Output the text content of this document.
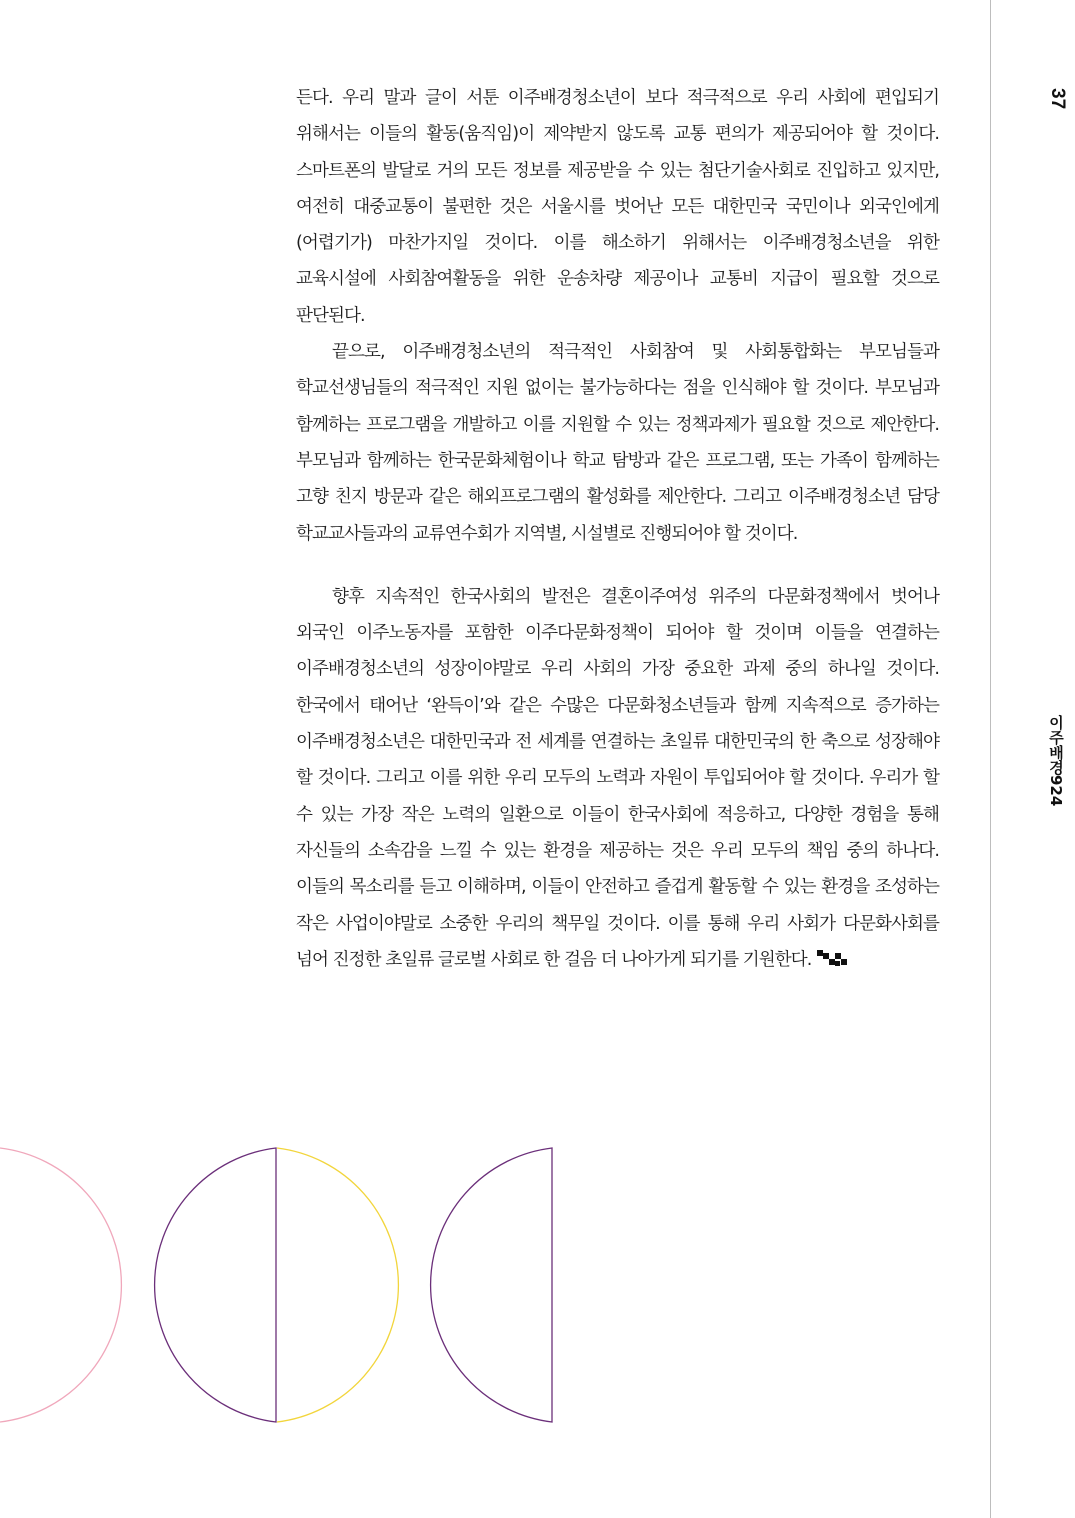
37
이주배경924

든다. 우리 말과 글이 서툰 이주배경청소년이 보다 적극적으로 우리 사회에 편입되기 위해서는 이들의 활동(움직임)이 제약받지 않도록 교통 편의가 제공되어야 할 것이다. 스마트폰의 발달로 거의 모든 정보를 제공받을 수 있는 첨단기술사회로 진입하고 있지만, 여전히 대중교통이 불편한 것은 서울시를 벗어난 모든 대한민국 국민이나 외국인에게 (어렵기가) 마찬가지일 것이다. 이를 해소하기 위해서는 이주배경청소년을 위한 교육시설에 사회참여활동을 위한 운송차량 제공이나 교통비 지급이 필요할 것으로 판단된다.

끝으로, 이주배경청소년의 적극적인 사회참여 및 사회통합화는 부모님들과 학교선생님들의 적극적인 지원 없이는 불가능하다는 점을 인식해야 할 것이다. 부모님과 함께하는 프로그램을 개발하고 이를 지원할 수 있는 정책과제가 필요할 것으로 제안한다. 부모님과 함께하는 한국문화체험이나 학교 탐방과 같은 프로그램, 또는 가족이 함께하는 고향 친지 방문과 같은 해외프로그램의 활성화를 제안한다. 그리고 이주배경청소년 담당 학교교사들과의 교류연수회가 지역별, 시설별로 진행되어야 할 것이다.

향후 지속적인 한국사회의 발전은 결혼이주여성 위주의 다문화정책에서 벗어나 외국인 이주노동자를 포함한 이주다문화정책이 되어야 할 것이며 이들을 연결하는 이주배경청소년의 성장이야말로 우리 사회의 가장 중요한 과제 중의 하나일 것이다. 한국에서 태어난 ‘완득이’와 같은 수많은 다문화청소년들과 함께 지속적으로 증가하는 이주배경청소년은 대한민국과 전 세계를 연결하는 초일류 대한민국의 한 축으로 성장해야 할 것이다. 그리고 이를 위한 우리 모두의 노력과 자원이 투입되어야 할 것이다. 우리가 할 수 있는 가장 작은 노력의 일환으로 이들이 한국사회에 적응하고, 다양한 경험을 통해 자신들의 소속감을 느낄 수 있는 환경을 제공하는 것은 우리 모두의 책임 중의 하나다. 이들의 목소리를 듣고 이해하며, 이들이 안전하고 즐겁게 활동할 수 있는 환경을 조성하는 작은 사업이야말로 소중한 우리의 책무일 것이다. 이를 통해 우리 사회가 다문화사회를 넘어 진정한 초일류 글로벌 사회로 한 걸음 더 나아가게 되기를 기원한다.
